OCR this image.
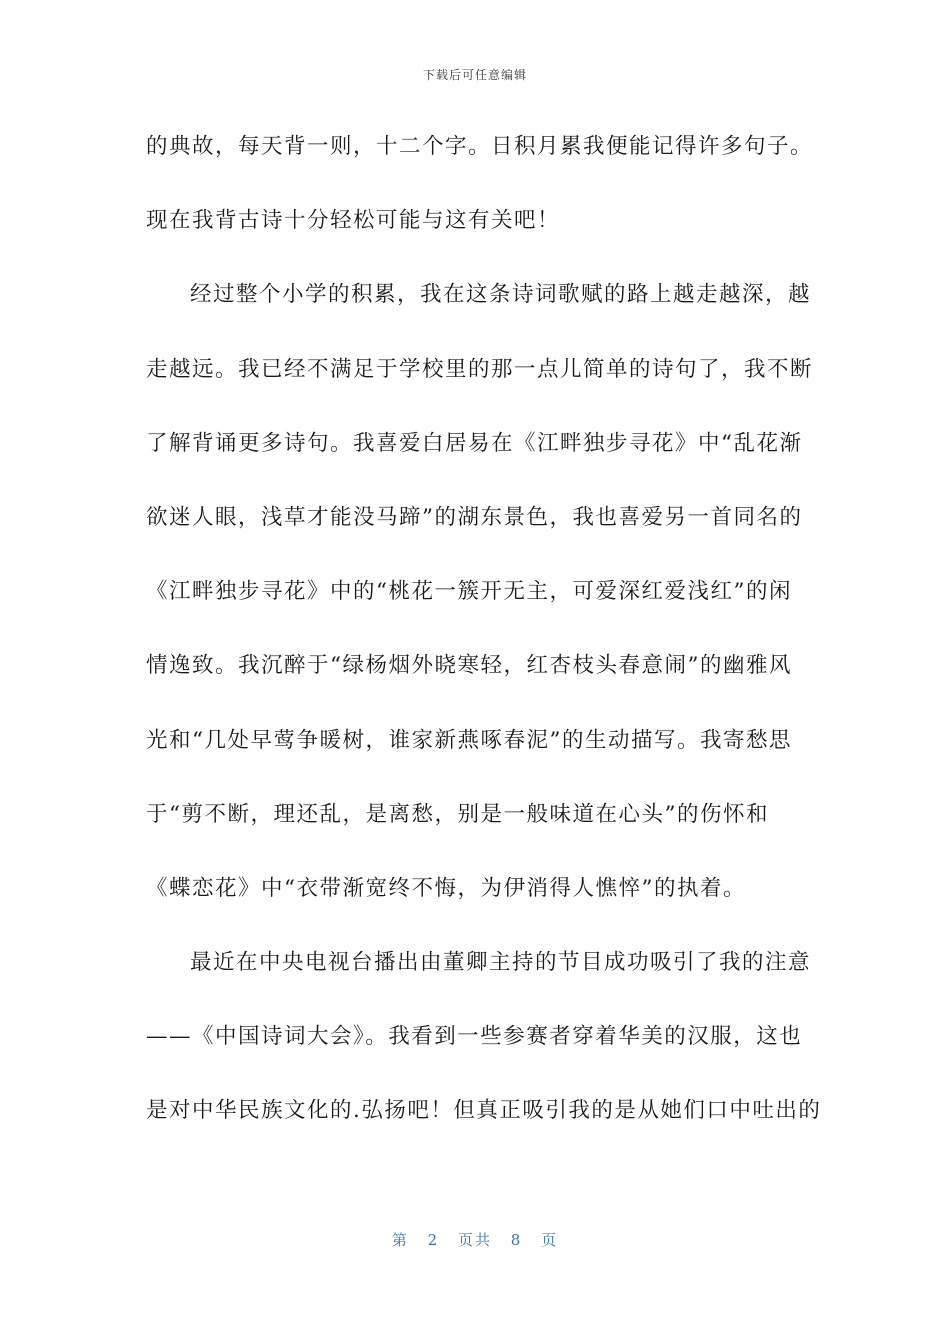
下载后可任意编辑
的典故，每天背一则，十二个字。日积月累我便能记得许多句子。
现在我背古诗十分轻松可能与这有关吧！
经过整个小学的积累，我在这条诗词歌赋的路上越走越深，越
走越远。我已经不满足于学校里的那一点儿简单的诗句了，我不断
了解背诵更多诗句。我喜爱白居易在《江畔独步寻花》中“乱花渐
欲迷人眼，浅草才能没马蹄”的湖东景色，我也喜爱另一首同名的
《江畔独步寻花》中的“桃花一簇开无主，可爱深红爱浅红”的闲
情逸致。我沉醉于“绿杨烟外晓寒轻，红杏枝头春意闹”的幽雅风
光和“几处早莺争暖树，谁家新燕啄春泥”的生动描写。我寄愁思
于“剪不断，理还乱，是离愁，别是一般味道在心头”的伤怀和
《蝶恋花》中“衣带渐宽终不悔，为伊消得人憔悴”的执着。
最近在中央电视台播出由董卿主持的节目成功吸引了我的注意
——《中国诗词大会》。我看到一些参赛者穿着华美的汉服，这也
是对中华民族文化的.弘扬吧！但真正吸引我的是从她们口中吐出的
第 2 页共 8 页
